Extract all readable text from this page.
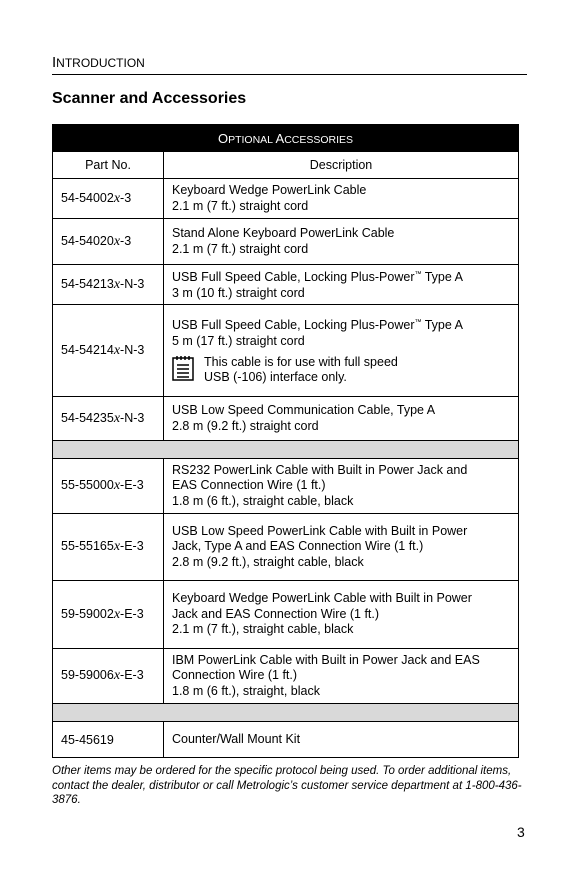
INTRODUCTION
Scanner and Accessories
OPTIONAL ACCESSORIES	
Part No.	Description
54-54002x-3	Keyboard Wedge PowerLink Cable
2.1 m (7 ft.) straight cord

54-54020x-3	Stand Alone Keyboard PowerLink Cable
2.1 m (7 ft.) straight cord

54-54213x-N-3	USB Full Speed Cable, Locking Plus-Power™ Type A
3 m (10 ft.) straight cord

54-54214x-N-3	USB Full Speed Cable, Locking Plus-Power™ Type A
5 m (17 ft.) straight cord
This cable is for use with full speed
USB (-106) interface only.

54-54235x-N-3	USB Low Speed Communication Cable, Type A
2.8 m (9.2 ft.) straight cord

55-55000x-E-3	RS232 PowerLink Cable with Built in Power Jack and
EAS Connection Wire (1 ft.)
1.8 m (6 ft.), straight cable, black

55-55165x-E-3	USB Low Speed PowerLink Cable with Built in Power
Jack, Type A and EAS Connection Wire (1 ft.)
2.8 m (9.2 ft.), straight cable, black

59-59002x-E-3	Keyboard Wedge PowerLink Cable with Built in Power
Jack and EAS Connection Wire (1 ft.)
2.1 m (7 ft.), straight cable, black

59-59006x-E-3	IBM PowerLink Cable with Built in Power Jack and EAS
Connection Wire (1 ft.)
1.8 m (6 ft.), straight, black

45-45619	Counter/Wall Mount Kit
Other items may be ordered for the specific protocol being used. To order additional items, contact the dealer, distributor or call Metrologic’s customer service department at 1-800-436-3876.
3
